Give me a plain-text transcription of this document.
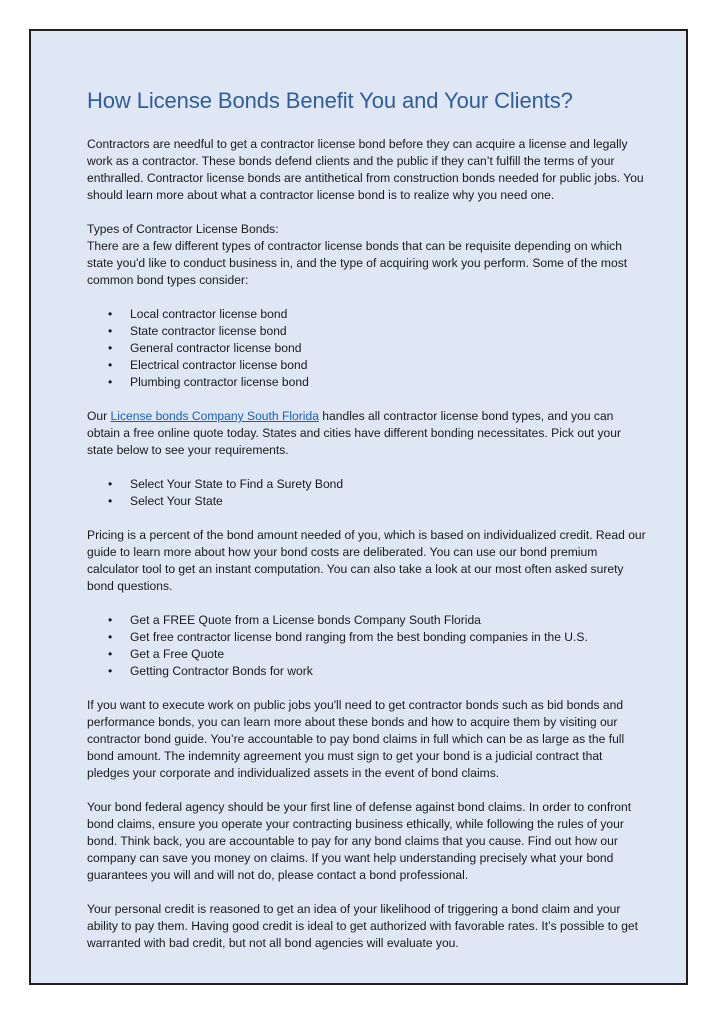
How License Bonds Benefit You and Your Clients?

Contractors are needful to get a contractor license bond before they can acquire a license and legally work as a contractor. These bonds defend clients and the public if they can’t fulfill the terms of your enthralled. Contractor license bonds are antithetical from construction bonds needed for public jobs. You should learn more about what a contractor license bond is to realize why you need one.

Types of Contractor License Bonds:
There are a few different types of contractor license bonds that can be requisite depending on which state you'd like to conduct business in, and the type of acquiring work you perform. Some of the most common bond types consider:

• Local contractor license bond
• State contractor license bond
• General contractor license bond
• Electrical contractor license bond
• Plumbing contractor license bond

Our License bonds Company South Florida handles all contractor license bond types, and you can obtain a free online quote today. States and cities have different bonding necessitates. Pick out your state below to see your requirements.

• Select Your State to Find a Surety Bond
• Select Your State

Pricing is a percent of the bond amount needed of you, which is based on individualized credit. Read our guide to learn more about how your bond costs are deliberated. You can use our bond premium calculator tool to get an instant computation. You can also take a look at our most often asked surety bond questions.

• Get a FREE Quote from a License bonds Company South Florida
• Get free contractor license bond ranging from the best bonding companies in the U.S.
• Get a Free Quote
• Getting Contractor Bonds for work

If you want to execute work on public jobs you'll need to get contractor bonds such as bid bonds and performance bonds, you can learn more about these bonds and how to acquire them by visiting our contractor bond guide. You’re accountable to pay bond claims in full which can be as large as the full bond amount. The indemnity agreement you must sign to get your bond is a judicial contract that pledges your corporate and individualized assets in the event of bond claims.

Your bond federal agency should be your first line of defense against bond claims. In order to confront bond claims, ensure you operate your contracting business ethically, while following the rules of your bond. Think back, you are accountable to pay for any bond claims that you cause. Find out how our company can save you money on claims. If you want help understanding precisely what your bond guarantees you will and will not do, please contact a bond professional.

Your personal credit is reasoned to get an idea of your likelihood of triggering a bond claim and your ability to pay them. Having good credit is ideal to get authorized with favorable rates. It’s possible to get warranted with bad credit, but not all bond agencies will evaluate you.
